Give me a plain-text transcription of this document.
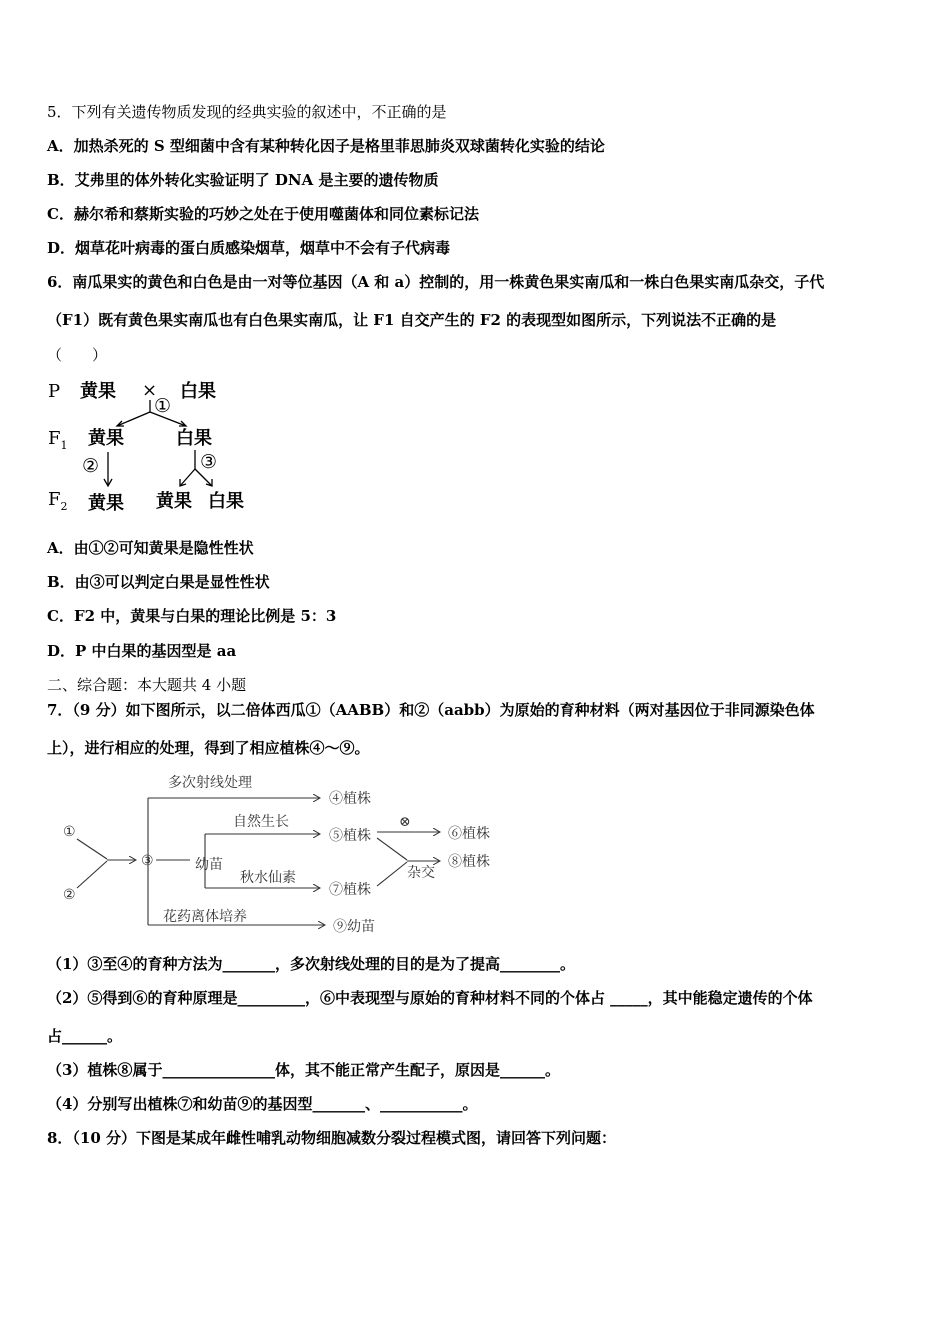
5．下列有关遗传物质发现的经典实验的叙述中，不正确的是
A．加热杀死的 S 型细菌中含有某种转化因子是格里菲思肺炎双球菌转化实验的结论
B．艾弗里的体外转化实验证明了 DNA 是主要的遗传物质
C．赫尔希和蔡斯实验的巧妙之处在于使用噬菌体和同位素标记法
D．烟草花叶病毒的蛋白质感染烟草，烟草中不会有子代病毒
6．南瓜果实的黄色和白色是由一对等位基因（A 和 a）控制的，用一株黄色果实南瓜和一株白色果实南瓜杂交，子代
（F1）既有黄色果实南瓜也有白色果实南瓜，让 F1 自交产生的 F2 的表现型如图所示，下列说法不正确的是
（　　）
P
$F_1$
$F_2$
黄果 × 白果
①
黄果	白果
②	③
黄果 黄果 白果
A．由①②可知黄果是隐性性状
B．由③可以判定白果是显性性状
C．F2 中，黄果与白果的理论比例是 5：3
D．P 中白果的基因型是 aa
二、综合题：本大题共 4 小题
7．（9 分）如下图所示，以二倍体西瓜①（AABB）和②（aabb）为原始的育种材料（两对基因位于非同源染色体
上），进行相应的处理，得到了相应植株④～⑨。
①
②
③	幼苗
多次射线处理
④植株
自然生长
⑤植株
⊗
⑥植株
杂交
⑧植株
秋水仙素
⑦植株
花药离体培养
⑨幼苗
（1）③至④的育种方法为_______，多次射线处理的目的是为了提高________。
（2）⑤得到⑥的育种原理是_________，⑥中表现型与原始的育种材料不同的个体占 _____，其中能稳定遗传的个体
占______。
（3）植株⑧属于_______________体，其不能正常产生配子，原因是______。
（4）分别写出植株⑦和幼苗⑨的基因型_______、___________。
8．（10 分）下图是某成年雌性哺乳动物细胞减数分裂过程模式图，请回答下列问题：
